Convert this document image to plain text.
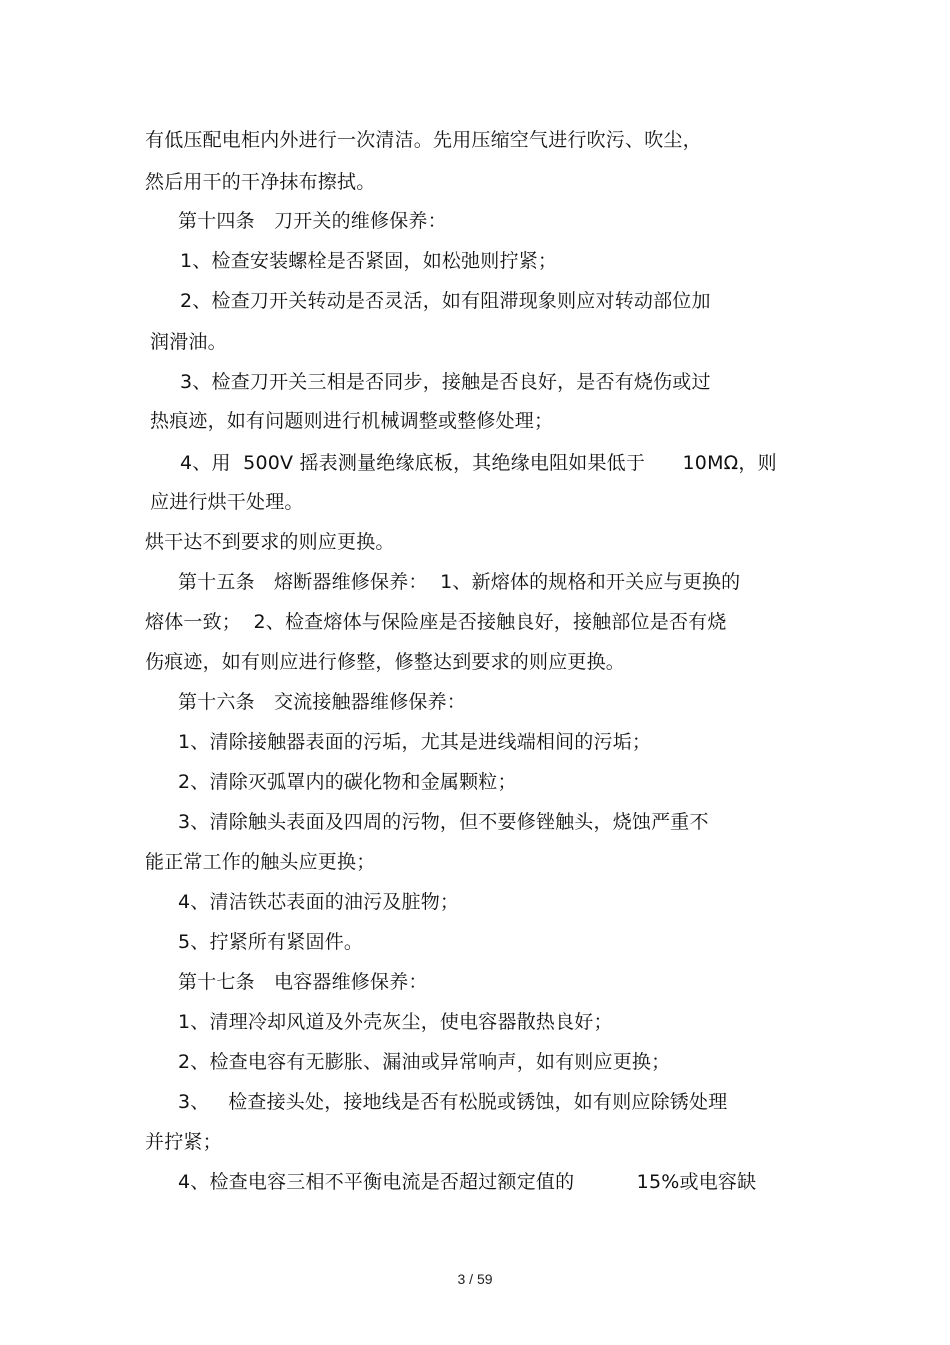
有低压配电柜内外进行一次清洁。先用压缩空气进行吹污、吹尘，
然后用干的干净抹布擦拭。
第十四条　刀开关的维修保养：
1、检查安装螺栓是否紧固，如松弛则拧紧；
2、检查刀开关转动是否灵活，如有阻滞现象则应对转动部位加
润滑油。
3、检查刀开关三相是否同步，接触是否良好，是否有烧伤或过
热痕迹，如有问题则进行机械调整或整修处理；
4、用  500V 摇表测量绝缘底板，其绝缘电阻如果低于      10MΩ，则
应进行烘干处理。
烘干达不到要求的则应更换。
第十五条　熔断器维修保养：  1、新熔体的规格和开关应与更换的
熔体一致；  2、检查熔体与保险座是否接触良好，接触部位是否有烧
伤痕迹，如有则应进行修整，修整达到要求的则应更换。
第十六条　交流接触器维修保养：
1、清除接触器表面的污垢，尤其是进线端相间的污垢；
2、清除灭弧罩内的碳化物和金属颗粒；
3、清除触头表面及四周的污物，但不要修锉触头，烧蚀严重不
能正常工作的触头应更换；
4、清洁铁芯表面的油污及脏物；
5、拧紧所有紧固件。
第十七条　电容器维修保养：
1、清理冷却风道及外壳灰尘，使电容器散热良好；
2、检查电容有无膨胀、漏油或异常响声，如有则应更换；
3、   检查接头处，接地线是否有松脱或锈蚀，如有则应除锈处理
并拧紧；
4、检查电容三相不平衡电流是否超过额定值的          15%或电容缺
3 / 59
